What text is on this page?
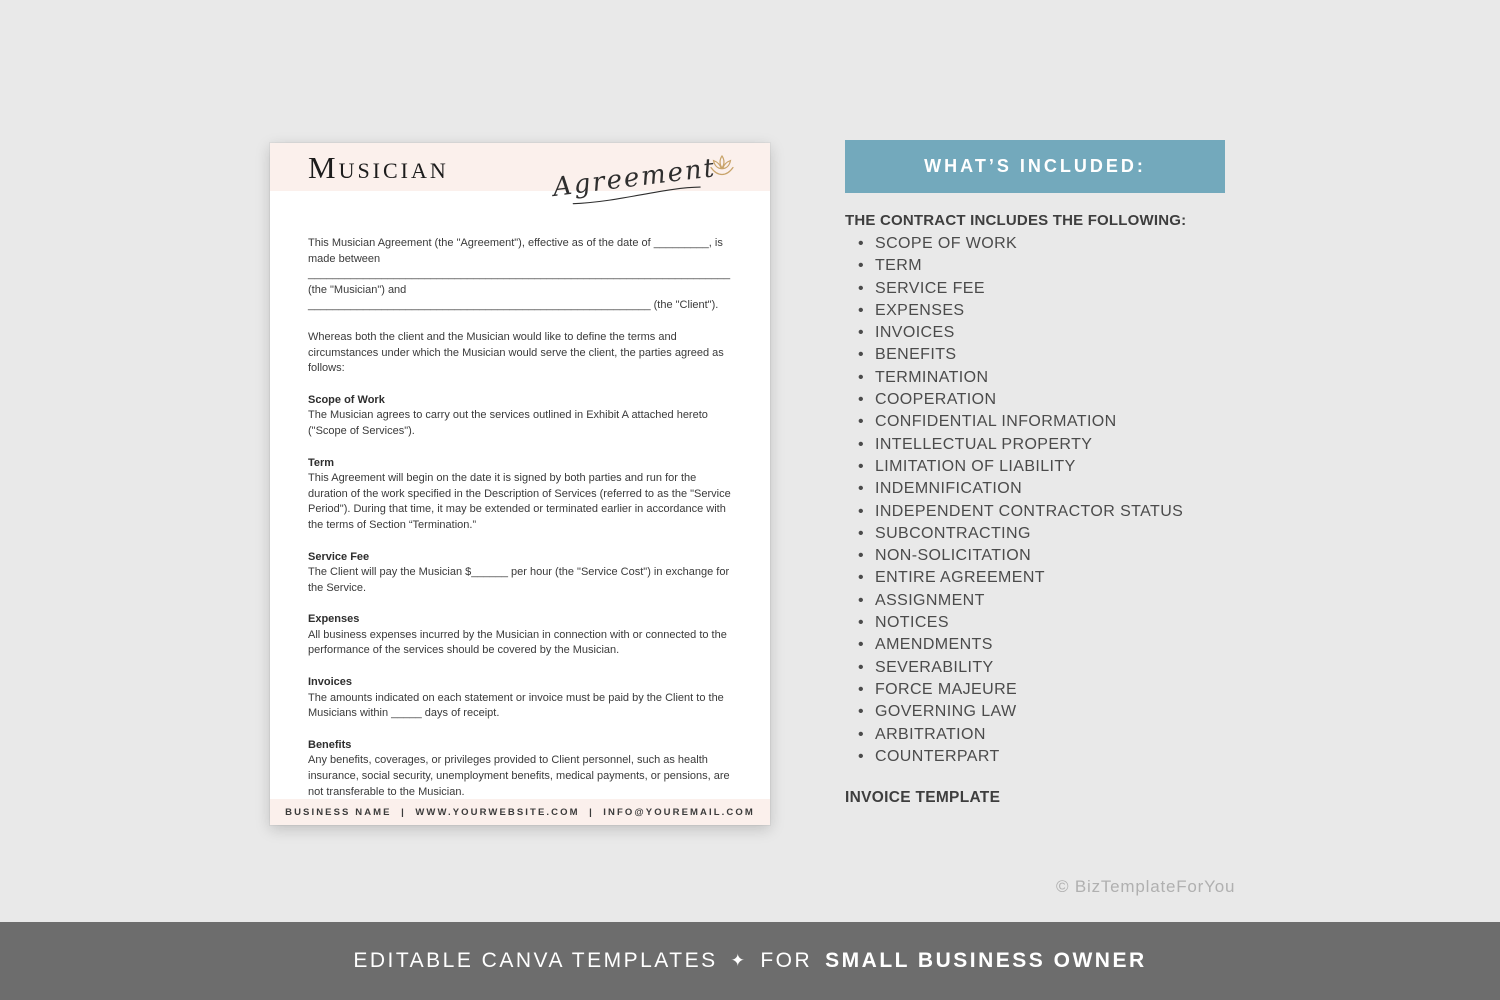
Musician	Agreement

This Musician Agreement (the "Agreement"), effective as of the date of _________, is made between _____________________________________________________________________ (the "Musician") and ________________________________________________________ (the "Client").

Whereas both the client and the Musician would like to define the terms and circumstances under which the Musician would serve the client, the parties agreed as follows:

Scope of Work

The Musician agrees to carry out the services outlined in Exhibit A attached hereto ("Scope of Services").

Term

This Agreement will begin on the date it is signed by both parties and run for the duration of the work specified in the Description of Services (referred to as the "Service Period"). During that time, it may be extended or terminated earlier in accordance with the terms of Section “Termination.”

Service Fee

The Client will pay the Musician $______ per hour (the "Service Cost") in exchange for the Service.

Expenses

All business expenses incurred by the Musician in connection with or connected to the performance of the services should be covered by the Musician.

Invoices

The amounts indicated on each statement or invoice must be paid by the Client to the Musicians within _____ days of receipt.

Benefits

Any benefits, coverages, or privileges provided to Client personnel, such as health insurance, social security, unemployment benefits, medical payments, or pensions, are not transferable to the Musician.

BUSINESS NAME  |  WWW.YOURWEBSITE.COM  |  INFO@YOUREMAIL.COM
WHAT’S INCLUDED:
THE CONTRACT INCLUDES THE FOLLOWING:
• SCOPE OF WORK
• TERM
• SERVICE FEE
• EXPENSES
• INVOICES
• BENEFITS
• TERMINATION
• COOPERATION
• CONFIDENTIAL INFORMATION
• INTELLECTUAL PROPERTY
• LIMITATION OF LIABILITY
• INDEMNIFICATION
• INDEPENDENT CONTRACTOR STATUS
• SUBCONTRACTING
• NON-SOLICITATION
• ENTIRE AGREEMENT
• ASSIGNMENT
• NOTICES
• AMENDMENTS
• SEVERABILITY
• FORCE MAJEURE
• GOVERNING LAW
• ARBITRATION
• COUNTERPART
INVOICE TEMPLATE
© BizTemplateForYou
EDITABLE CANVA TEMPLATES ✦ FOR SMALL BUSINESS OWNER
